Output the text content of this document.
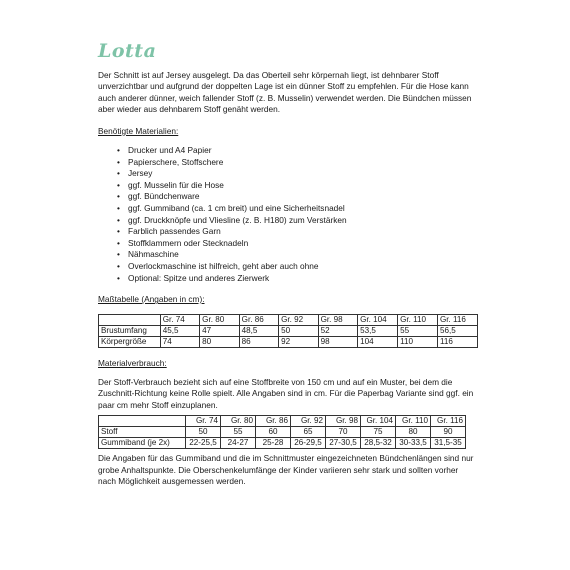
Lotta

Der Schnitt ist auf Jersey ausgelegt. Da das Oberteil sehr körpernah liegt, ist dehnbarer Stoff unverzichtbar und aufgrund der doppelten Lage ist ein dünner Stoff zu empfehlen. Für die Hose kann auch anderer dünner, weich fallender Stoff (z. B. Musselin) verwendet werden. Die Bündchen müssen aber wieder aus dehnbarem Stoff genäht werden.

Benötigte Materialien:
• Drucker und A4 Papier
• Papierschere, Stoffschere
• Jersey
• ggf. Musselin für die Hose
• ggf. Bündchenware
• ggf. Gummiband (ca. 1 cm breit) und eine Sicherheitsnadel
• ggf. Druckknöpfe und Vliesline (z. B. H180) zum Verstärken
• Farblich passendes Garn
• Stoffklammern oder Stecknadeln
• Nähmaschine
• Overlockmaschine ist hilfreich, geht aber auch ohne
• Optional: Spitze und anderes Zierwerk
Maßtabelle (Angaben in cm):
	Gr. 74	Gr. 80	Gr. 86	Gr. 92	Gr. 98	Gr. 104	Gr. 110	Gr. 116
Brustumfang	45,5	47	48,5	50	52	53,5	55	56,5
Körpergröße	74	80	86	92	98	104	110	116
Materialverbrauch:

Der Stoff-Verbrauch bezieht sich auf eine Stoffbreite von 150 cm und auf ein Muster, bei dem die Zuschnitt-Richtung keine Rolle spielt. Alle Angaben sind in cm. Für die Paperbag Variante sind ggf. ein paar cm mehr Stoff einzuplanen.

	Gr. 74	Gr. 80	Gr. 86	Gr. 92	Gr. 98	Gr. 104	Gr. 110	Gr. 116
Stoff	50	55	60	65	70	75	80	90
Gummiband (je 2x)	22-25,5	24-27	25-28	26-29,5	27-30,5	28,5-32	30-33,5	31,5-35

Die Angaben für das Gummiband und die im Schnittmuster eingezeichneten Bündchenlängen sind nur grobe Anhaltspunkte. Die Oberschenkelumfänge der Kinder variieren sehr stark und sollten vorher nach Möglichkeit ausgemessen werden.
